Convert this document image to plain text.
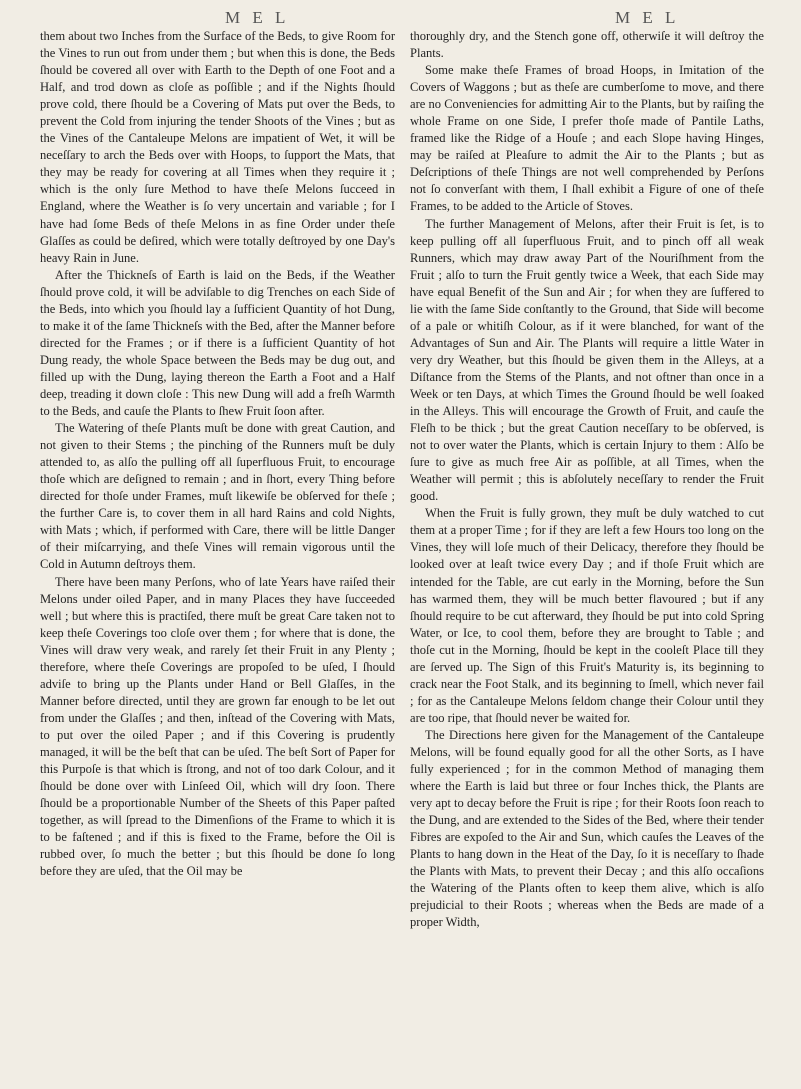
M E L	M E L

them about two Inches from the Surface of the Beds, to give Room for the Vines to run out from under them ; but when this is done, the Beds ſhould be covered all over with Earth to the Depth of one Foot and a Half, and trod down as cloſe as poſſible ; and if the Nights ſhould prove cold, there ſhould be a Covering of Mats put over the Beds, to prevent the Cold from injuring the tender Shoots of the Vines ; but as the Vines of the Cantaleupe Melons are impatient of Wet, it will be neceſſary to arch the Beds over with Hoops, to ſupport the Mats, that they may be ready for covering at all Times when they require it ; which is the only ſure Method to have theſe Melons ſucceed in England, where the Weather is ſo very uncertain and variable ; for I have had ſome Beds of theſe Melons in as fine Order under theſe Glaſſes as could be deſired, which were totally deſtroyed by one Day's heavy Rain in June.

After the Thickneſs of Earth is laid on the Beds, if the Weather ſhould prove cold, it will be adviſable to dig Trenches on each Side of the Beds, into which you ſhould lay a ſufficient Quantity of hot Dung, to make it of the ſame Thickneſs with the Bed, after the Manner before directed for the Frames ; or if there is a ſufficient Quantity of hot Dung ready, the whole Space between the Beds may be dug out, and filled up with the Dung, laying thereon the Earth a Foot and a Half deep, treading it down cloſe : This new Dung will add a freſh Warmth to the Beds, and cauſe the Plants to ſhew Fruit ſoon after.

The Watering of theſe Plants muſt be done with great Caution, and not given to their Stems ; the pinching of the Runners muſt be duly attended to, as alſo the pulling off all ſuperfluous Fruit, to encourage thoſe which are deſigned to remain ; and in ſhort, every Thing before directed for thoſe under Frames, muſt likewiſe be obſerved for theſe ; the further Care is, to cover them in all hard Rains and cold Nights, with Mats ; which, if performed with Care, there will be little Danger of their miſcarrying, and theſe Vines will remain vigorous until the Cold in Autumn deſtroys them.

There have been many Perſons, who of late Years have raiſed their Melons under oiled Paper, and in many Places they have ſucceeded well ; but where this is practiſed, there muſt be great Care taken not to keep theſe Coverings too cloſe over them ; for where that is done, the Vines will draw very weak, and rarely ſet their Fruit in any Plenty ; therefore, where theſe Coverings are propoſed to be uſed, I ſhould adviſe to bring up the Plants under Hand or Bell Glaſſes, in the Manner before directed, until they are grown far enough to be let out from under the Glaſſes ; and then, inſtead of the Covering with Mats, to put over the oiled Paper ; and if this Covering is prudently managed, it will be the beſt that can be uſed. The beſt Sort of Paper for this Purpoſe is that which is ſtrong, and not of too dark Colour, and it ſhould be done over with Linſeed Oil, which will dry ſoon. There ſhould be a proportionable Number of the Sheets of this Paper paſted together, as will ſpread to the Dimenſions of the Frame to which it is to be faſtened ; and if this is fixed to the Frame, before the Oil is rubbed over, ſo much the better ; but this ſhould be done ſo long before they are uſed, that the Oil may be

thoroughly dry, and the Stench gone off, otherwiſe it will deſtroy the Plants.

Some make theſe Frames of broad Hoops, in Imitation of the Covers of Waggons ; but as theſe are cumberſome to move, and there are no Conveniencies for admitting Air to the Plants, but by raiſing the whole Frame on one Side, I prefer thoſe made of Pantile Laths, framed like the Ridge of a Houſe ; and each Slope having Hinges, may be raiſed at Pleaſure to admit the Air to the Plants ; but as Deſcriptions of theſe Things are not well comprehended by Perſons not ſo converſant with them, I ſhall exhibit a Figure of one of theſe Frames, to be added to the Article of Stoves.

The further Management of Melons, after their Fruit is ſet, is to keep pulling off all ſuperfluous Fruit, and to pinch off all weak Runners, which may draw away Part of the Nouriſhment from the Fruit ; alſo to turn the Fruit gently twice a Week, that each Side may have equal Benefit of the Sun and Air ; for when they are ſuffered to lie with the ſame Side conſtantly to the Ground, that Side will become of a pale or whitiſh Colour, as if it were blanched, for want of the Advantages of Sun and Air. The Plants will require a little Water in very dry Weather, but this ſhould be given them in the Alleys, at a Diſtance from the Stems of the Plants, and not oftner than once in a Week or ten Days, at which Times the Ground ſhould be well ſoaked in the Alleys. This will encourage the Growth of Fruit, and cauſe the Fleſh to be thick ; but the great Caution neceſſary to be obſerved, is not to over water the Plants, which is certain Injury to them : Alſo be ſure to give as much free Air as poſſible, at all Times, when the Weather will permit ; this is abſolutely neceſſary to render the Fruit good.

When the Fruit is fully grown, they muſt be duly watched to cut them at a proper Time ; for if they are left a few Hours too long on the Vines, they will loſe much of their Delicacy, therefore they ſhould be looked over at leaſt twice every Day ; and if thoſe Fruit which are intended for the Table, are cut early in the Morning, before the Sun has warmed them, they will be much better flavoured ; but if any ſhould require to be cut afterward, they ſhould be put into cold Spring Water, or Ice, to cool them, before they are brought to Table ; and thoſe cut in the Morning, ſhould be kept in the cooleſt Place till they are ſerved up. The Sign of this Fruit's Maturity is, its beginning to crack near the Foot Stalk, and its beginning to ſmell, which never fail ; for as the Cantaleupe Melons ſeldom change their Colour until they are too ripe, that ſhould never be waited for.

The Directions here given for the Management of the Cantaleupe Melons, will be found equally good for all the other Sorts, as I have fully experienced ; for in the common Method of managing them where the Earth is laid but three or four Inches thick, the Plants are very apt to decay before the Fruit is ripe ; for their Roots ſoon reach to the Dung, and are extended to the Sides of the Bed, where their tender Fibres are expoſed to the Air and Sun, which cauſes the Leaves of the Plants to hang down in the Heat of the Day, ſo it is neceſſary to ſhade the Plants with Mats, to prevent their Decay ; and this alſo occaſions the Watering of the Plants often to keep them alive, which is alſo prejudicial to their Roots ; whereas when the Beds are made of a proper Width,
